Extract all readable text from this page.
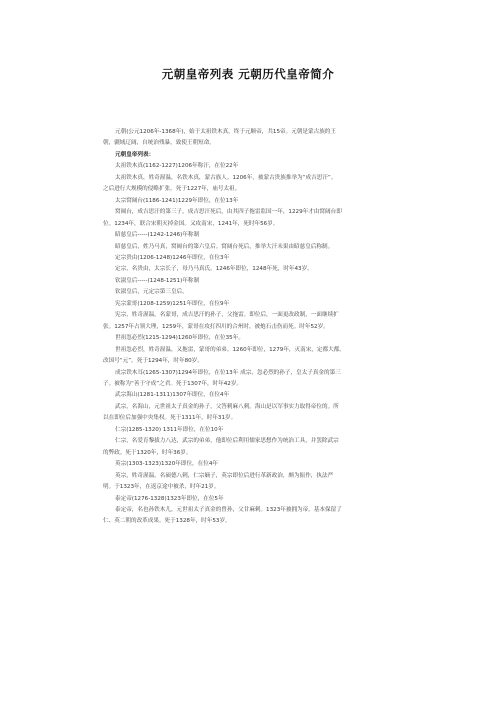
元朝皇帝列表 元朝历代皇帝简介
元朝(公元1206年-1368年)，始于太祖铁木真，终于元顺帝，共15帝。元朝是蒙古族的王
朝，疆域辽阔，自统治残暴，致使王朝短命。
元朝皇帝列表：
太祖铁木真(1162-1227)1206年称汗，在位22年
太祖铁木真，姓奇渥温，名铁木真，蒙古族人。1206年，被蒙古贵族推举为“成吉思汗”。
之后进行大规模的侵略扩张。死于1227年，庙号太祖。
太宗窝阔台(1186-1241)1229年即位，在位13年
窝阔台，成吉思汗的第三子，成吉思汗死后，由其四子拖雷监国一年，1229年才由窝阔台即
位。1234年，联合宋朝灭掉金国。又攻南宋，1241年，死时年56岁。
昭慈皇后-----(1242-1246)年称制
昭慈皇后，姓乃马真，窝阔台的第六皇后。窝阔台死后，推举大汗未果由昭慈皇后称制。
定宗贵由(1206-1248)1246年即位，在位3年
定宗，名贵由，太宗长子，母乃马真氏。1246年即位，1248年死，时年43岁。
钦淑皇后-----(1248-1251)年称制
钦淑皇后，元定宗第三皇后。
宪宗蒙哥(1208-1259)1251年即位，在位9年
宪宗，姓奇渥温，名蒙哥，成吉思汗的孙子，父拖雷。即位后，一面更改政制，一面继续扩
张。1257年占领大理，1259年，蒙哥在攻打四川的合州时，被炮石击伤而死。时年52岁。
世祖忽必烈(1215-1294)1260年即位，在位35年。
世祖忽必烈，姓奇渥温，又拖雷，蒙哥的弟弟。1260年即位，1279年，灭南宋，定都大都。
改国号“元”。死于1294年，时年80岁。
成宗铁木耳(1265-1307)1294年即位，在位13年 成宗，忽必烈的孙子，皇太子真金的第三
子。被称为“善于守成”之君。死于1307年，时年42岁。
武宗海山(1281-1311)1307年即位，在位4年
武宗，名海山，元世祖太子真金的孙子，父答剌麻八剌。海山是以军事实力取得帝位的。所
以在即位后加强中央集权。死于1311年，时年31岁。
仁宗(1285-1320) 1311年即位，在位10年
仁宗，名爱育黎拔力八达，武宗的弟弟，他即位后利用儒家思想作为统治工具，并罢除武宗
的弊政。死于1320年，时年36岁。
英宗(1303-1323)1320年即位，在位4年
英宗，姓奇渥温，名硕德八剌，仁宗嫡子，英宗即位后进行革新政治，颇为振作，执法严
明。于1323年，在返京途中被杀，时年21岁。
泰定帝(1276-1328)1323年即位，在位5年
泰定帝，名也孙铁木儿，元世祖太子真金的曾孙，父甘麻剌。1323年被拥为帝。基本保留了
仁、英二朝的改革成果。死于1328年，时年53岁。
